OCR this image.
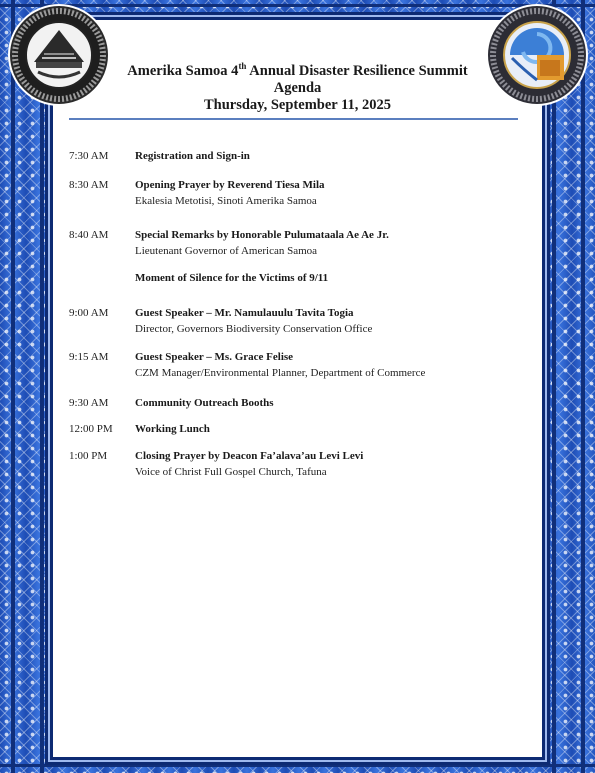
Amerika Samoa 4th Annual Disaster Resilience Summit
Agenda
Thursday, September 11, 2025
7:30 AM	Registration and Sign-in
8:30 AM	Opening Prayer by Reverend Tiesa Mila
Ekalesia Metotisi, Sinoti Amerika Samoa
8:40 AM	Special Remarks by Honorable Pulumataala Ae Ae Jr.
Lieutenant Governor of American Samoa
Moment of Silence for the Victims of 9/11
9:00 AM	Guest Speaker – Mr. Namulauulu Tavita Togia
Director, Governors Biodiversity Conservation Office
9:15 AM	Guest Speaker – Ms. Grace Felise
CZM Manager/Environmental Planner, Department of Commerce
9:30 AM	Community Outreach Booths
12:00 PM	Working Lunch
1:00 PM	Closing Prayer by Deacon Fa’alava’au Levi Levi
Voice of Christ Full Gospel Church, Tafuna
